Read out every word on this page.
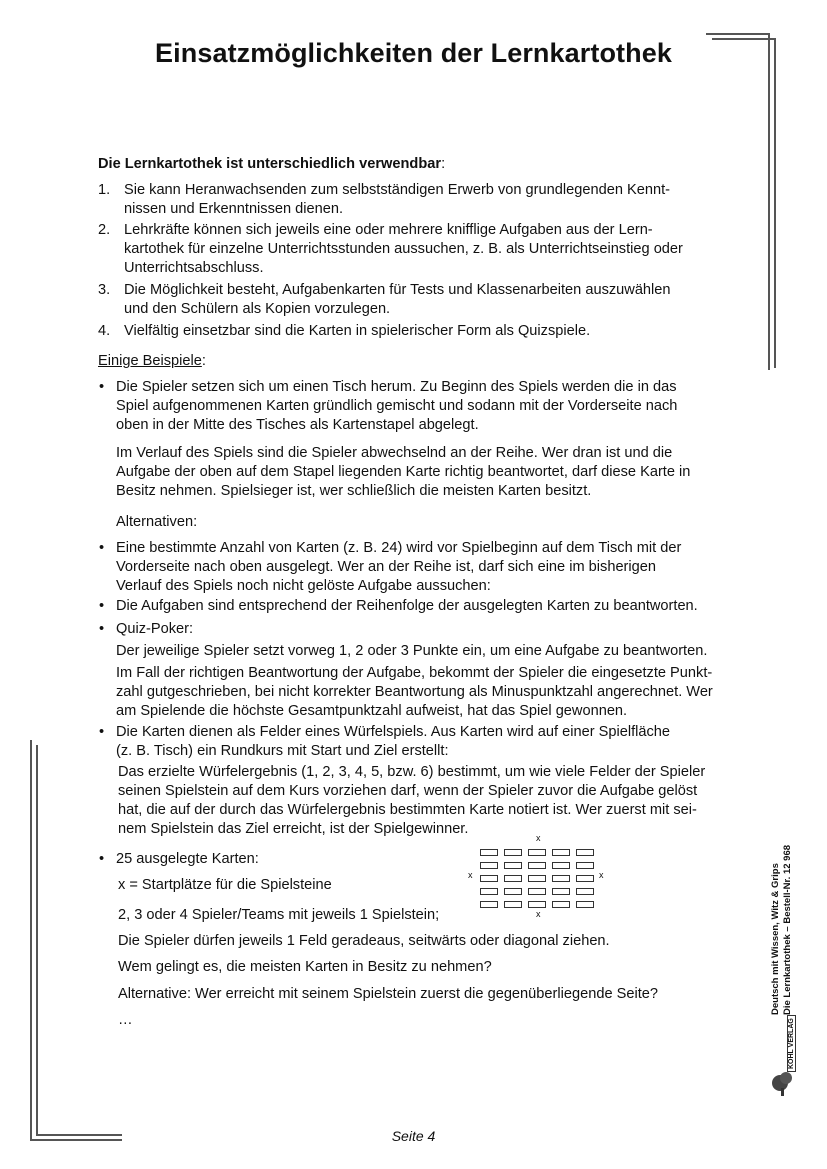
Einsatzmöglichkeiten der Lernkartothek

Die Lernkartothek ist unterschiedlich verwendbar:

1. Sie kann Heranwachsenden zum selbstständigen Erwerb von grundlegenden Kennt-
nissen und Erkenntnissen dienen.

2. Lehrkräfte können sich jeweils eine oder mehrere knifflige Aufgaben aus der Lern-
kartothek für einzelne Unterrichtsstunden aussuchen, z. B. als Unterrichtseinstieg oder
Unterrichtsabschluss.

3. Die Möglichkeit besteht, Aufgabenkarten für Tests und Klassenarbeiten auszuwählen
und den Schülern als Kopien vorzulegen.

4. Vielfältig einsetzbar sind die Karten in spielerischer Form als Quizspiele.

Einige Beispiele:

• Die Spieler setzen sich um einen Tisch herum. Zu Beginn des Spiels werden die in das
Spiel aufgenommenen Karten gründlich gemischt und sodann mit der Vorderseite nach
oben in der Mitte des Tisches als Kartenstapel abgelegt.

Im Verlauf des Spiels sind die Spieler abwechselnd an der Reihe. Wer dran ist und die
Aufgabe der oben auf dem Stapel liegenden Karte richtig beantwortet, darf diese Karte in
Besitz nehmen. Spielsieger ist, wer schließlich die meisten Karten besitzt.

Alternativen:

• Eine bestimmte Anzahl von Karten (z. B. 24) wird vor Spielbeginn auf dem Tisch mit der
Vorderseite nach oben ausgelegt. Wer an der Reihe ist, darf sich eine im bisherigen
Verlauf des Spiels noch nicht gelöste Aufgabe aussuchen:

• Die Aufgaben sind entsprechend der Reihenfolge der ausgelegten Karten zu beantworten.

• Quiz-Poker:

Der jeweilige Spieler setzt vorweg 1, 2 oder 3 Punkte ein, um eine Aufgabe zu beantworten.

Im Fall der richtigen Beantwortung der Aufgabe, bekommt der Spieler die eingesetzte Punkt-
zahl gutgeschrieben, bei nicht korrekter Beantwortung als Minuspunktzahl angerechnet. Wer
am Spielende die höchste Gesamtpunktzahl aufweist, hat das Spiel gewonnen.

• Die Karten dienen als Felder eines Würfelspiels. Aus Karten wird auf einer Spielfläche
(z. B. Tisch) ein Rundkurs mit Start und Ziel erstellt:

Das erzielte Würfelergebnis (1, 2, 3, 4, 5, bzw. 6) bestimmt, um wie viele Felder der Spieler
seinen Spielstein auf dem Kurs vorziehen darf, wenn der Spieler zuvor die Aufgabe gelöst
hat, die auf der durch das Würfelergebnis bestimmten Karte notiert ist. Wer zuerst mit sei-
nem Spielstein das Ziel erreicht, ist der Spielgewinner.

• 25 ausgelegte Karten:

x = Startplätze für die Spielsteine

2, 3 oder 4 Spieler/Teams mit jeweils 1 Spielstein;

Die Spieler dürfen jeweils 1 Feld geradeaus, seitwärts oder diagonal ziehen.

Wem gelingt es, die meisten Karten in Besitz zu nehmen?

Alternative: Wer erreicht mit seinem Spielstein zuerst die gegenüberliegende Seite?

…

x
x	x
x	Deutsch mit Wissen, Witz & Grips Die Lernkartothek – Bestell-Nr. 12 968
KOHL VERLAG
Seite 4
